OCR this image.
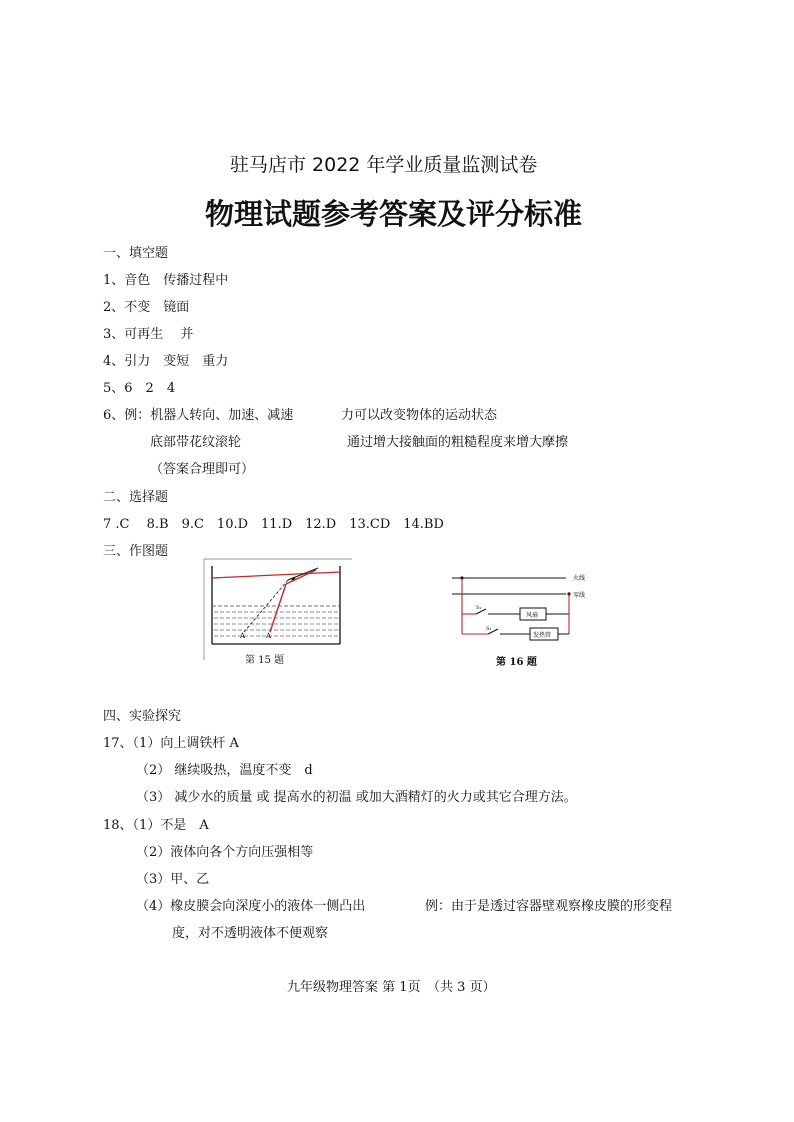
驻马店市 2022 年学业质量监测试卷
物理试题参考答案及评分标准
一、填空题
1、音色　传播过程中
2、不变　镜面
3、可再生　 并
4、引力　变短　重力
5、6　2　4
6、例：机器人转向、加速、减速	力可以改变物体的运动状态
底部带花纹滚轮	通过增大接触面的粗糙程度来增大摩擦
（答案合理即可）
二、选择题
7 .C　 8.B　9.C　10.D　11.D　12.D　13.CD　14.BD
三、作图题
A	A
第 15 题
火线
零线
风扇
发热管
S₁
S₂
第 16 题
四、实验探究
17、（1）向上调铁杆 A
（2） 继续吸热，温度不变　d
（3） 减少水的质量 或 提高水的初温 或加大酒精灯的火力或其它合理方法。
18、（1）不是　A
（2）液体向各个方向压强相等
（3）甲、乙
（4）橡皮膜会向深度小的液体一侧凸出	例：由于是透过容器壁观察橡皮膜的形变程
度，对不透明液体不便观察
九年级物理答案 第 1页　（共 3 页）
